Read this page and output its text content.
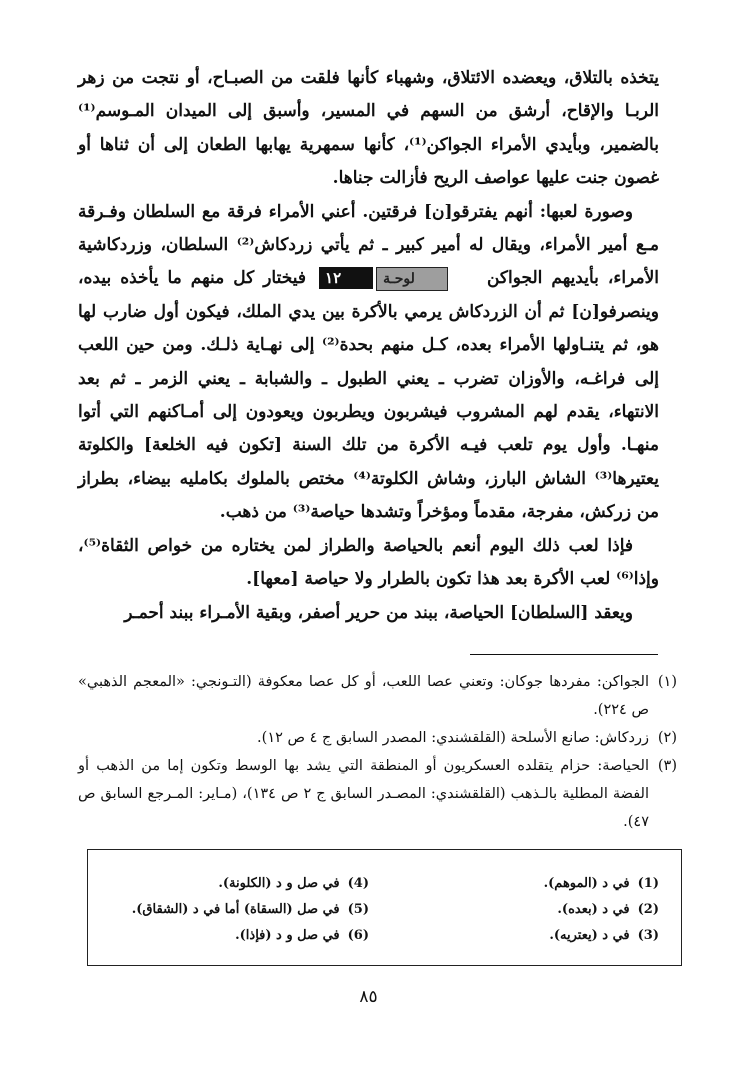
يتخذه بالتلاق، ويعضده الائتلاق، وشهباء كأنها فلقت من الصبـاح، أو نتجت من زهر الربـا والإقاح، أرشق من السهم في المسير، وأسبق إلى الميدان المـوسم⁽¹⁾ بالضمير، وبأيدي الأمراء الجواكن⁽¹⁾، كأنها سمهرية يهابها الطعان إلى أن ثناها أو غصون جنت عليها عواصف الريح فأزالت جناها.

وصورة لعبها: أنهم يفترقو[ن] فرقتين. أعني الأمراء فرقة مع السلطان وفـرقة مـع أمير الأمراء، ويقال له أمير كبير ـ ثم يأتي زردكاش⁽²⁾ السلطان، وزردكاشية الأمراء، بأيديهم الجواكن لوحـة١٢ فيختار كل منهم ما يأخذه بيده، وينصرفو[ن] ثم أن الزردكاش يرمي بالأكرة بين يدي الملك، فيكون أول ضارب لها هو، ثم يتنـاولها الأمراء بعده، كـل منهم بحدة⁽²⁾ إلى نهـاية ذلـك. ومن حين اللعب إلى فراغـه، والأوزان تضرب ـ يعني الطبول ـ والشبابة ـ يعني الزمر ـ ثم بعد الانتهاء، يقدم لهم المشروب فيشربون ويطربون ويعودون إلى أمـاكنهم التي أتوا منهـا. وأول يوم تلعب فيـه الأكرة من تلك السنة [تكون فيه الخلعة] والكلوتة يعتيرها⁽³⁾ الشاش البارز، وشاش الكلوتة⁽⁴⁾ مختص بالملوك بكامليه بيضاء، بطراز من زركش، مفرجة، مقدماً ومؤخراً وتشدها حياصة⁽³⁾ من ذهب.

فإذا لعب ذلك اليوم أنعم بالحياصة والطراز لمن يختاره من خواص الثقاة⁽⁵⁾، وإذا⁽⁶⁾ لعب الأكرة بعد هذا تكون بالطرار ولا حياصة [معها].

ويعقد [السلطان] الحياصة، ببند من حرير أصفر، وبقية الأمـراء ببند أحمـر

(١)
الجواكن: مفردها جوكان: وتعني عصا اللعب، أو كل عصا معكوفة (التـونجي: «المعجم الذهبي» ص ٢٢٤).
(٢)
زردكاش: صانع الأسلحة (القلقشندي: المصدر السابق ج ٤ ص ١٢).
(٣)
الحياصة: حزام يتقلده العسكريون أو المنطقة التي يشد بها الوسط وتكون إما من الذهب أو الفضة المطلية بالـذهب (القلقشندي: المصـدر السابق ج ٢ ص ١٣٤)، (مـاير: المـرجع السابق ص ٤٧).
(1)في د (الموهم).
(2)في د (بعده).
(3)في د (يعتريه).
(4)في صل و د (الكلونة).
(5)في صل (السقاة) أما في د (الشقاق).
(6)في صل و د (فإذا).
٨٥
